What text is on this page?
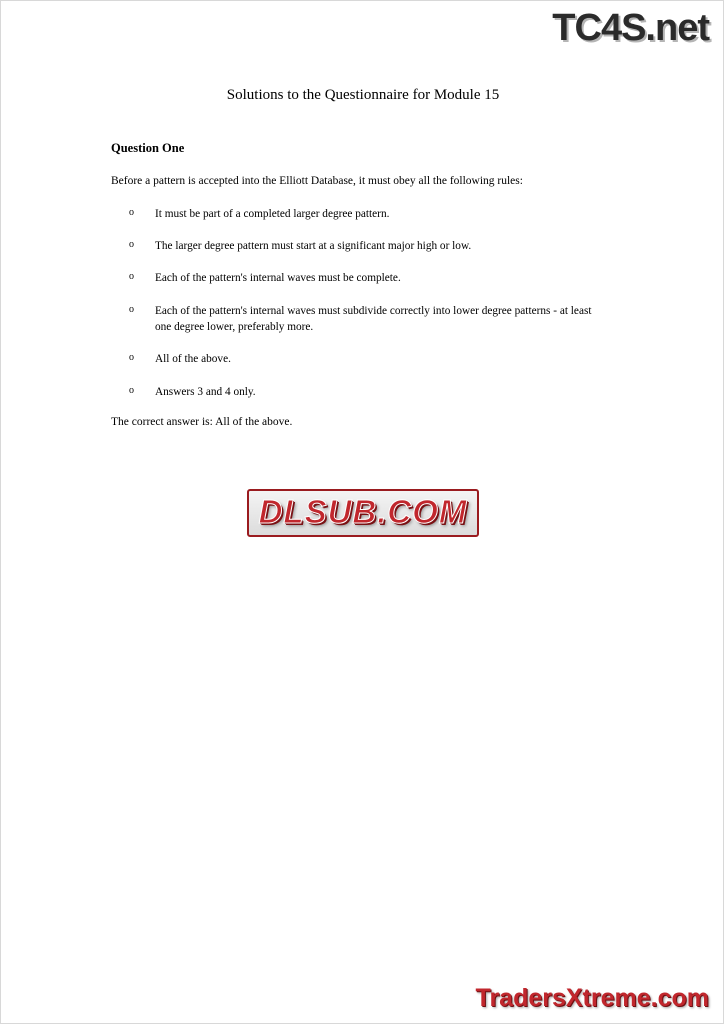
TC4S.net
Solutions to the Questionnaire for Module 15

Question One

Before a pattern is accepted into the Elliott Database, it must obey all the following rules:

o	It must be part of a completed larger degree pattern.
o	The larger degree pattern must start at a significant major high or low.
o	Each of the pattern's internal waves must be complete.
o	Each of the pattern's internal waves must subdivide correctly into lower degree patterns - at least one degree lower, preferably more.
o	All of the above.
o	Answers 3 and 4 only.

The correct answer is: All of the above.

DLSUB.COM
TradersXtreme.com
